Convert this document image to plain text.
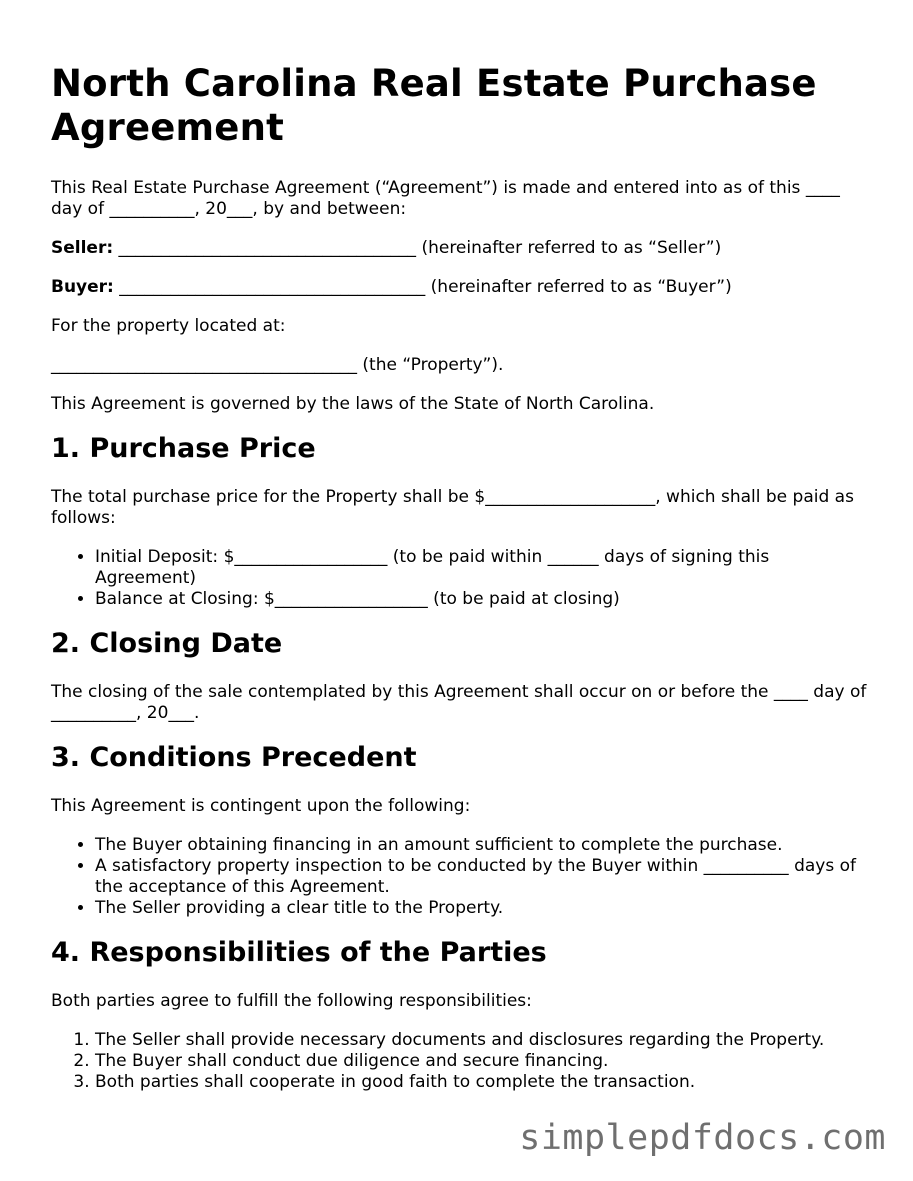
North Carolina Real Estate Purchase Agreement

This Real Estate Purchase Agreement (“Agreement”) is made and entered into as of this ____ day of __________, 20___, by and between:

Seller: ___________________________________ (hereinafter referred to as “Seller”)

Buyer: ____________________________________ (hereinafter referred to as “Buyer”)

For the property located at:

____________________________________ (the “Property”).

This Agreement is governed by the laws of the State of North Carolina.

1. Purchase Price

The total purchase price for the Property shall be $____________________, which shall be paid as follows:

• Initial Deposit: $__________________ (to be paid within ______ days of signing this Agreement)
• Balance at Closing: $__________________ (to be paid at closing)
2. Closing Date

The closing of the sale contemplated by this Agreement shall occur on or before the ____ day of __________, 20___.

3. Conditions Precedent

This Agreement is contingent upon the following:

• The Buyer obtaining financing in an amount sufficient to complete the purchase.
• A satisfactory property inspection to be conducted by the Buyer within __________ days of the acceptance of this Agreement.
• The Seller providing a clear title to the Property.
4. Responsibilities of the Parties

Both parties agree to fulfill the following responsibilities:

1. The Seller shall provide necessary documents and disclosures regarding the Property.
2. The Buyer shall conduct due diligence and secure financing.
3. Both parties shall cooperate in good faith to complete the transaction.
simplepdfdocs.com
